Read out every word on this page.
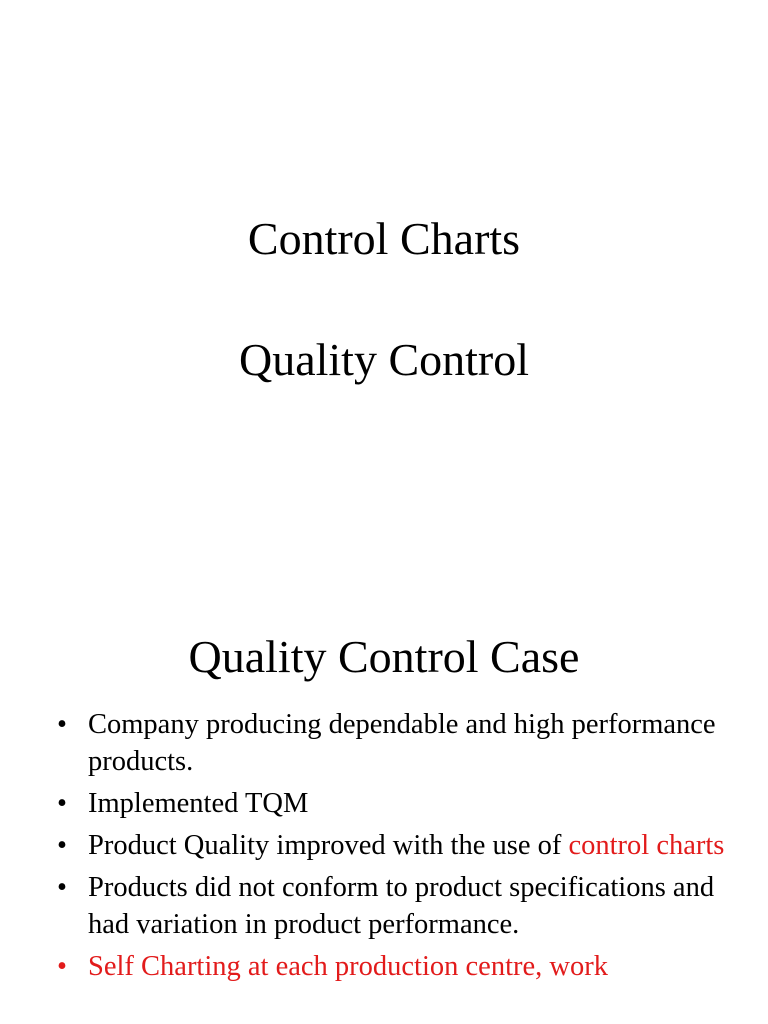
Control Charts
Quality Control
Quality Control Case
• Company producing dependable and high performance products.
• Implemented TQM
• Product Quality improved with the use of control charts
• Products did not conform to product specifications and had variation in product performance.
• Self Charting at each production centre, work
